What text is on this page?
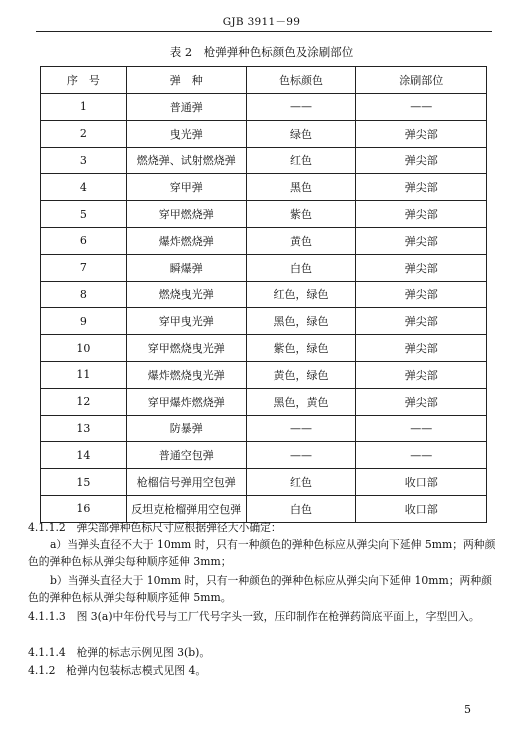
GJB 3911－99
表 2　枪弹弹种色标颜色及涂刷部位
序　号	弹　种	色标颜色	涂刷部位
1	普通弹	——	——
2	曳光弹	绿色	弹尖部
3	燃烧弹、试射燃烧弹	红色	弹尖部
4	穿甲弹	黑色	弹尖部
5	穿甲燃烧弹	紫色	弹尖部
6	爆炸燃烧弹	黄色	弹尖部
7	瞬爆弹	白色	弹尖部
8	燃烧曳光弹	红色，绿色	弹尖部
9	穿甲曳光弹	黑色，绿色	弹尖部
10	穿甲燃烧曳光弹	紫色，绿色	弹尖部
11	爆炸燃烧曳光弹	黄色，绿色	弹尖部
12	穿甲爆炸燃烧弹	黑色，黄色	弹尖部
13	防暴弹	——	——
14	普通空包弹	——	——
15	枪榴信号弹用空包弹	红色	收口部
16	反坦克枪榴弹用空包弹	白色	收口部
4.1.1.2　弹尖部弹种色标尺寸应根据弹径大小确定：
a）当弹头直径不大于 10mm 时，只有一种颜色的弹种色标应从弹尖向下延伸 5mm；两种颜色的弹种色标从弹尖每种顺序延伸 3mm；
b）当弹头直径大于 10mm 时，只有一种颜色的弹种色标应从弹尖向下延伸 10mm；两种颜色的弹种色标从弹尖每种顺序延伸 5mm。
4.1.1.3　图 3(a)中年份代号与工厂代号字头一致，压印制作在枪弹药筒底平面上，字型凹入。
4.1.1.4　枪弹的标志示例见图 3(b)。
4.1.2　枪弹内包装标志模式见图 4。
5
